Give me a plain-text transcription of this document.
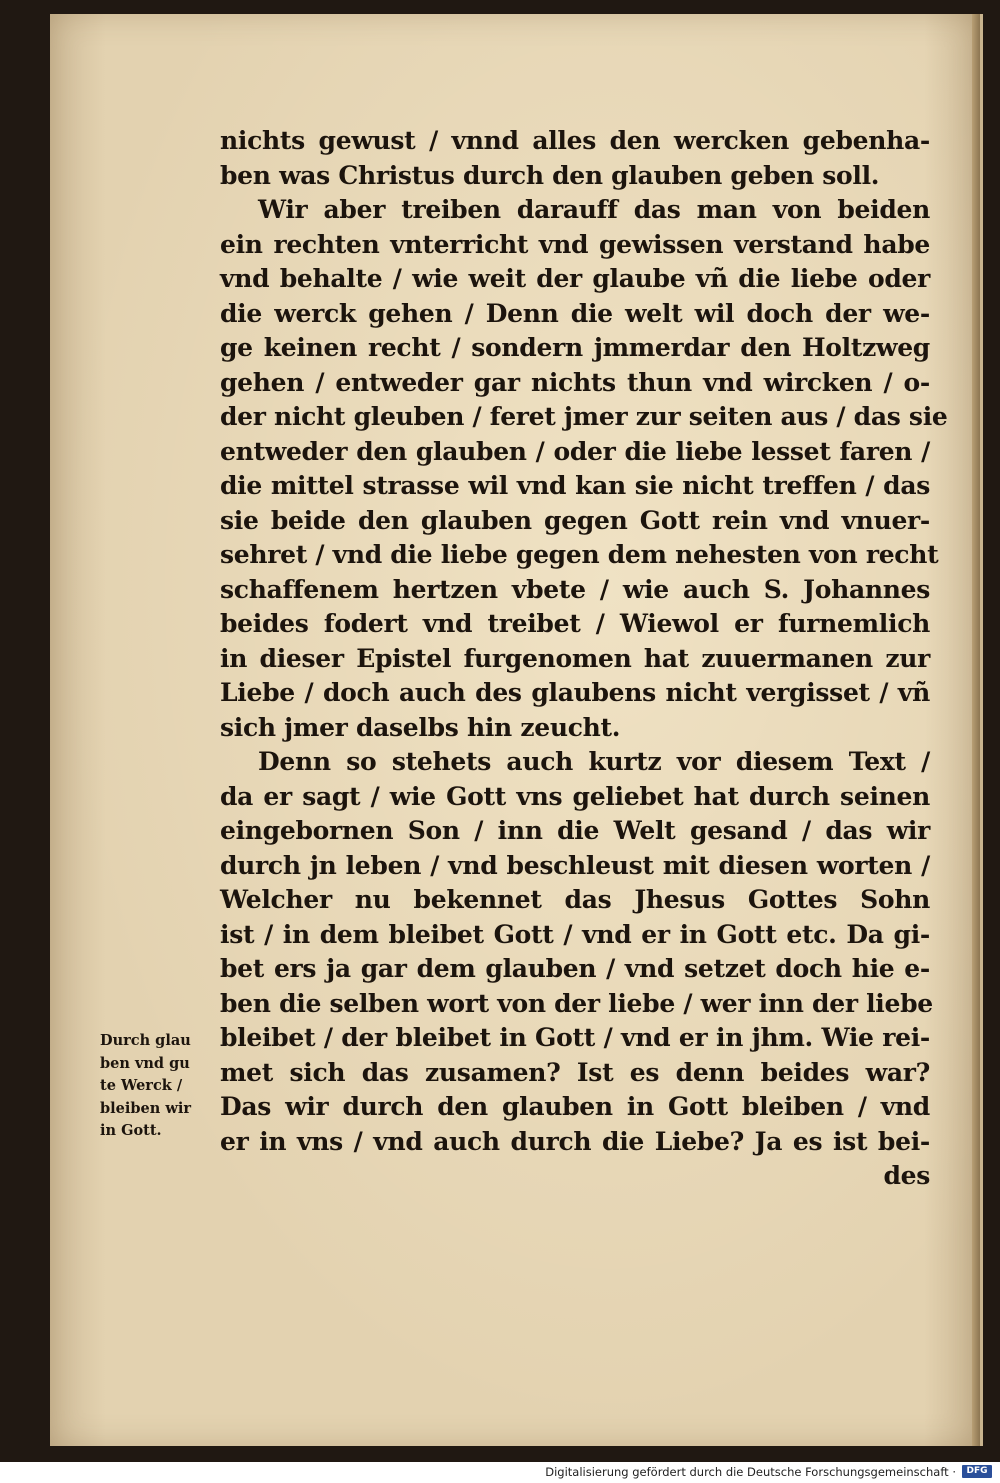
nichts gewust / vnnd alles den wercken gebenha-
ben was Christus durch den glauben geben soll.
Wir aber treiben darauff das man von beiden
ein rechten vnterricht vnd gewissen verstand habe
vnd behalte / wie weit der glaube vñ die liebe oder
die werck gehen / Denn die welt wil doch der we-
ge keinen recht / sondern jmmerdar den Holtzweg
gehen / entweder gar nichts thun vnd wircken / o-
der nicht gleuben / feret jmer zur seiten aus / das sie
entweder den glauben / oder die liebe lesset faren /
die mittel strasse wil vnd kan sie nicht treffen / das
sie beide den glauben gegen Gott rein vnd vnuer-
sehret / vnd die liebe gegen dem nehesten von recht
schaffenem hertzen vbete / wie auch S. Johannes
beides fodert vnd treibet / Wiewol er furnemlich
in dieser Epistel furgenomen hat zuuermanen zur
Liebe / doch auch des glaubens nicht vergisset / vñ
sich jmer daselbs hin zeucht.
Denn so stehets auch kurtz vor diesem Text /
da er sagt / wie Gott vns geliebet hat durch seinen
eingebornen Son / inn die Welt gesand / das wir
durch jn leben / vnd beschleust mit diesen worten /
Welcher nu bekennet das Jhesus Gottes Sohn
ist / in dem bleibet Gott / vnd er in Gott etc. Da gi-
bet ers ja gar dem glauben / vnd setzet doch hie e-
ben die selben wort von der liebe / wer inn der liebe
bleibet / der bleibet in Gott / vnd er in jhm. Wie rei-
met sich das zusamen? Ist es denn beides war?
Das wir durch den glauben in Gott bleiben / vnd
er in vns / vnd auch durch die Liebe? Ja es ist bei-
des
Durch glau
ben vnd gu
te Werck /
bleiben wir
in Gott.
Digitalisierung gefördert durch die Deutsche Forschungsgemeinschaft ·	DFG
